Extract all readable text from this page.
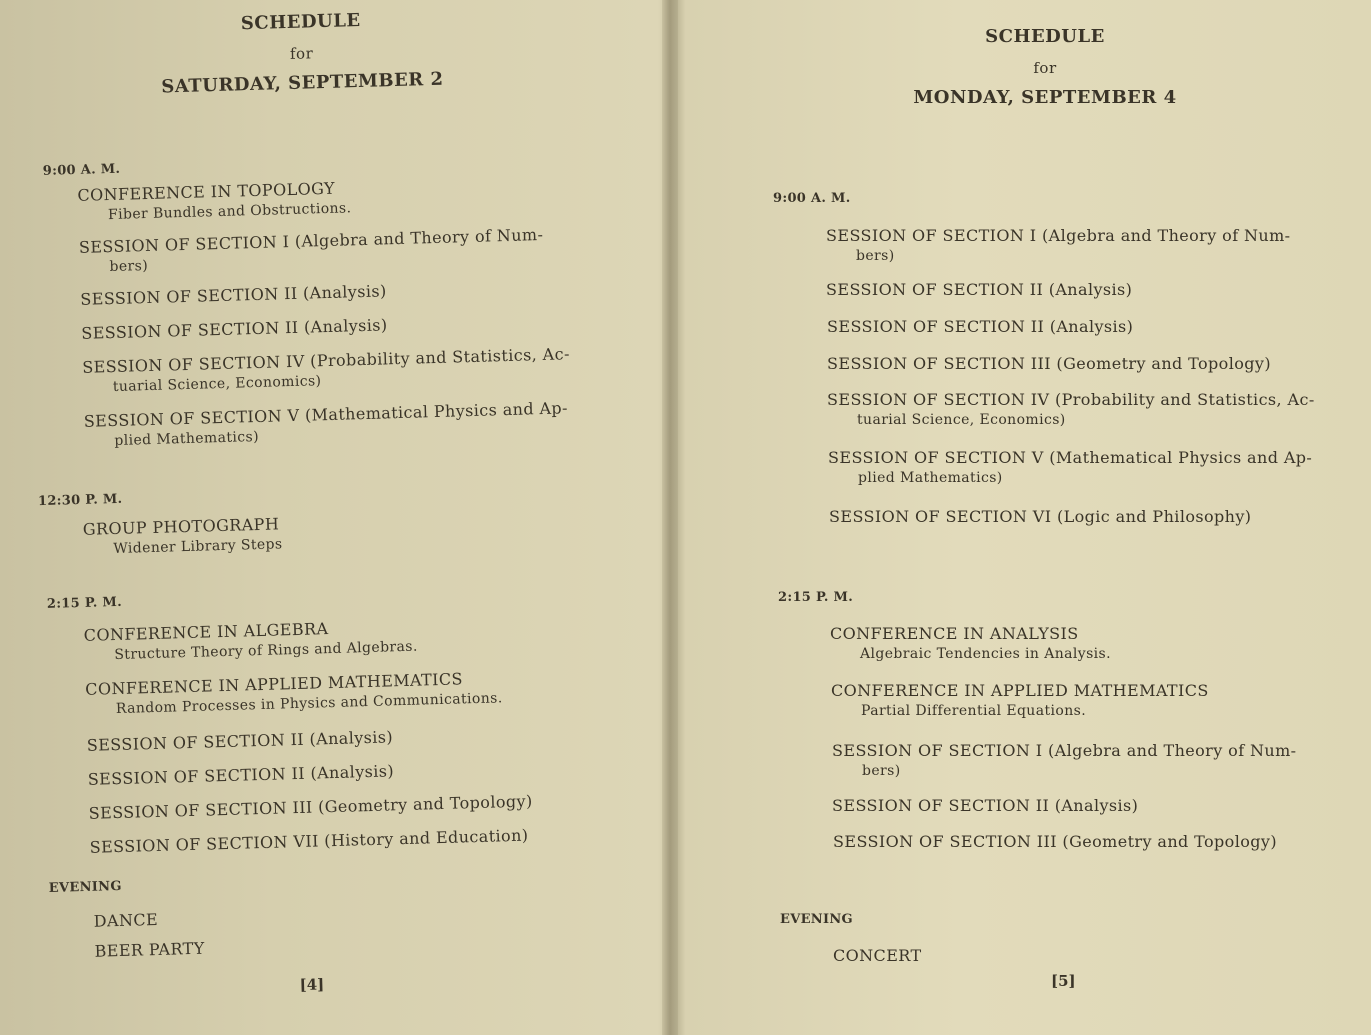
SCHEDULE
for
SATURDAY, SEPTEMBER 2
9:00 A. M.
CONFERENCE IN TOPOLOGY
Fiber Bundles and Obstructions.
SESSION OF SECTION I (Algebra and Theory of Num-
bers)
SESSION OF SECTION II (Analysis)
SESSION OF SECTION II (Analysis)
SESSION OF SECTION IV (Probability and Statistics, Ac-
tuarial Science, Economics)
SESSION OF SECTION V (Mathematical Physics and Ap-
plied Mathematics)
12:30 P. M.
GROUP PHOTOGRAPH
Widener Library Steps
2:15 P. M.
CONFERENCE IN ALGEBRA
Structure Theory of Rings and Algebras.
CONFERENCE IN APPLIED MATHEMATICS
Random Processes in Physics and Communications.
SESSION OF SECTION II (Analysis)
SESSION OF SECTION II (Analysis)
SESSION OF SECTION III (Geometry and Topology)
SESSION OF SECTION VII (History and Education)
EVENING
DANCE
BEER PARTY
[4]
SCHEDULE
for
MONDAY, SEPTEMBER 4
9:00 A. M.
SESSION OF SECTION I (Algebra and Theory of Num-
bers)
SESSION OF SECTION II (Analysis)
SESSION OF SECTION II (Analysis)
SESSION OF SECTION III (Geometry and Topology)
SESSION OF SECTION IV (Probability and Statistics, Ac-
tuarial Science, Economics)
SESSION OF SECTION V (Mathematical Physics and Ap-
plied Mathematics)
SESSION OF SECTION VI (Logic and Philosophy)
2:15 P. M.
CONFERENCE IN ANALYSIS
Algebraic Tendencies in Analysis.
CONFERENCE IN APPLIED MATHEMATICS
Partial Differential Equations.
SESSION OF SECTION I (Algebra and Theory of Num-
bers)
SESSION OF SECTION II (Analysis)
SESSION OF SECTION III (Geometry and Topology)
EVENING
CONCERT
[5]
